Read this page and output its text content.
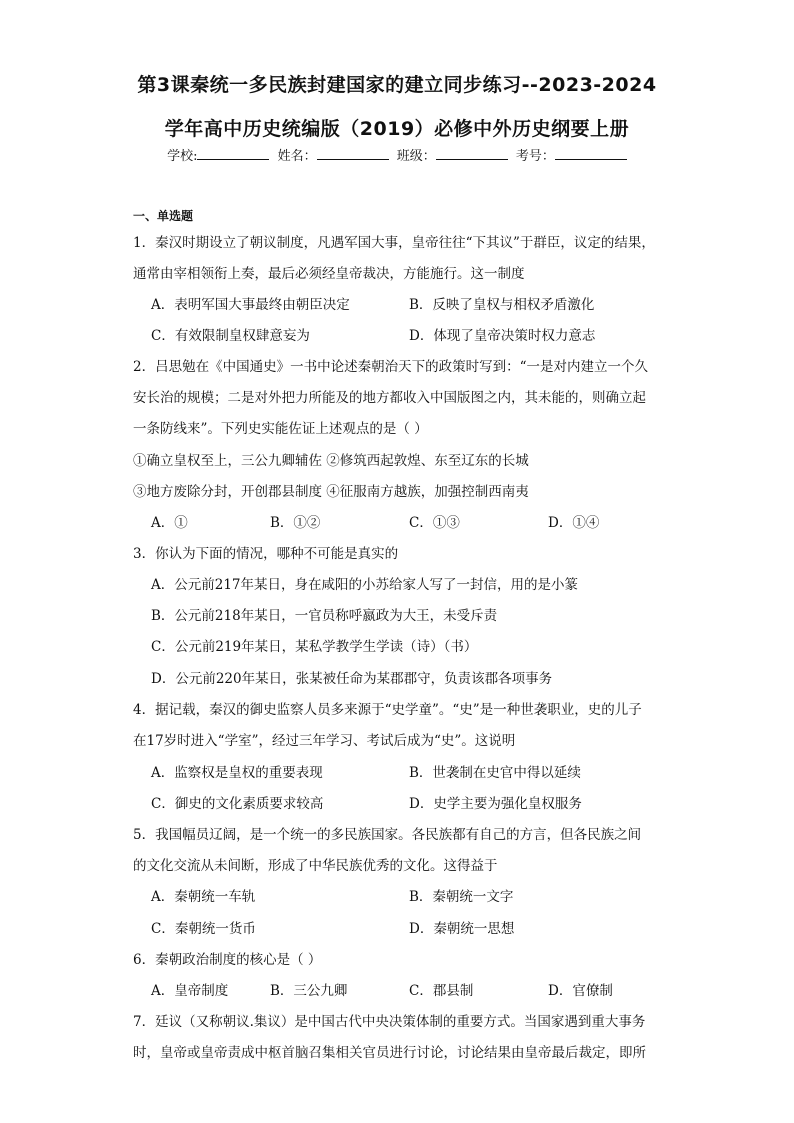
第3课秦统一多民族封建国家的建立同步练习--2023-2024
学年高中历史统编版（2019）必修中外历史纲要上册
学校:	姓名：	班级：	考号：
一、单选题
1．秦汉时期设立了朝议制度，凡遇军国大事，皇帝往往“下其议”于群臣，议定的结果，
通常由宰相领衔上奏，最后必须经皇帝裁决，方能施行。这一制度
A．表明军国大事最终由朝臣决定	B．反映了皇权与相权矛盾激化
C．有效限制皇权肆意妄为	D．体现了皇帝决策时权力意志
2．吕思勉在《中国通史》一书中论述秦朝治天下的政策时写到：“一是对内建立一个久
安长治的规模；二是对外把力所能及的地方都收入中国版图之内，其未能的，则确立起
一条防线来”。下列史实能佐证上述观点的是（ ）
①确立皇权至上，三公九卿辅佐 ②修筑西起敦煌、东至辽东的长城
③地方废除分封，开创郡县制度 ④征服南方越族，加强控制西南夷
A．①	B．①②	C．①③	D．①④
3．你认为下面的情况，哪种不可能是真实的
A．公元前217年某日，身在咸阳的小苏给家人写了一封信，用的是小篆
B．公元前218年某日，一官员称呼嬴政为大王，未受斥责
C．公元前219年某日，某私学教学生学读（诗）（书）
D．公元前220年某日，张某被任命为某郡郡守，负责该郡各项事务
4．据记载，秦汉的御史监察人员多来源于“史学童”。“史”是一种世袭职业，史的儿子
在17岁时进入“学室”，经过三年学习、考试后成为“史”。这说明
A．监察权是皇权的重要表现	B．世袭制在史官中得以延续
C．御史的文化素质要求较高	D．史学主要为强化皇权服务
5．我国幅员辽阔，是一个统一的多民族国家。各民族都有自己的方言，但各民族之间
的文化交流从未间断，形成了中华民族优秀的文化。这得益于
A．秦朝统一车轨	B．秦朝统一文字
C．秦朝统一货币	D．秦朝统一思想
6．秦朝政治制度的核心是（ ）
A．皇帝制度	B．三公九卿	C．郡县制	D．官僚制
7．廷议（又称朝议.集议）是中国古代中央决策体制的重要方式。当国家遇到重大事务
时，皇帝或皇帝责成中枢首脑召集相关官员进行讨论，讨论结果由皇帝最后裁定，即所
